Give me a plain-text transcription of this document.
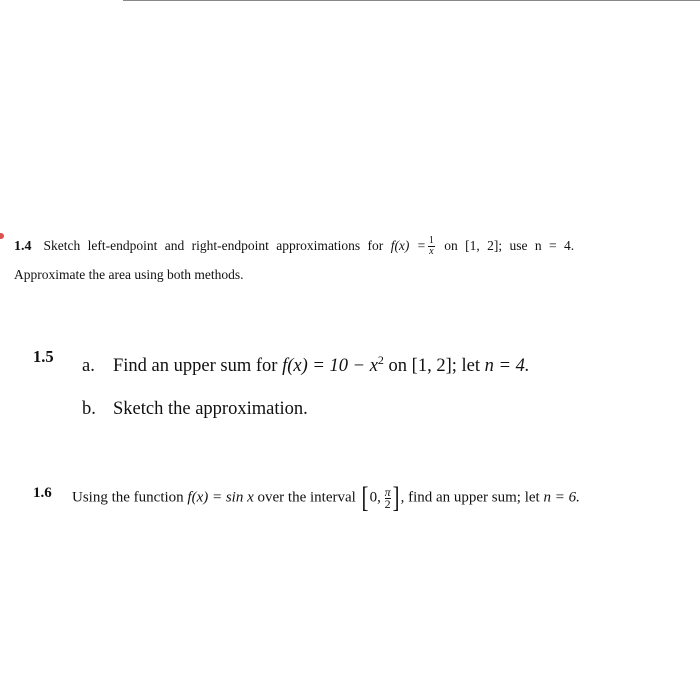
1.4 Sketch left-endpoint and right-endpoint approximations for $f(x) = \frac{1}{x}$ on [1, 2]; use n = 4.
Approximate the area using both methods.
1.5 a. Find an upper sum for $f(x) = 10 - x^2$ on [1, 2]; let n = 4.
b. Sketch the approximation.
1.6 Using the function f(x) = sin x over the interval [ 0, $\frac{\pi}{2}$ ] , find an upper sum; let n = 6.
